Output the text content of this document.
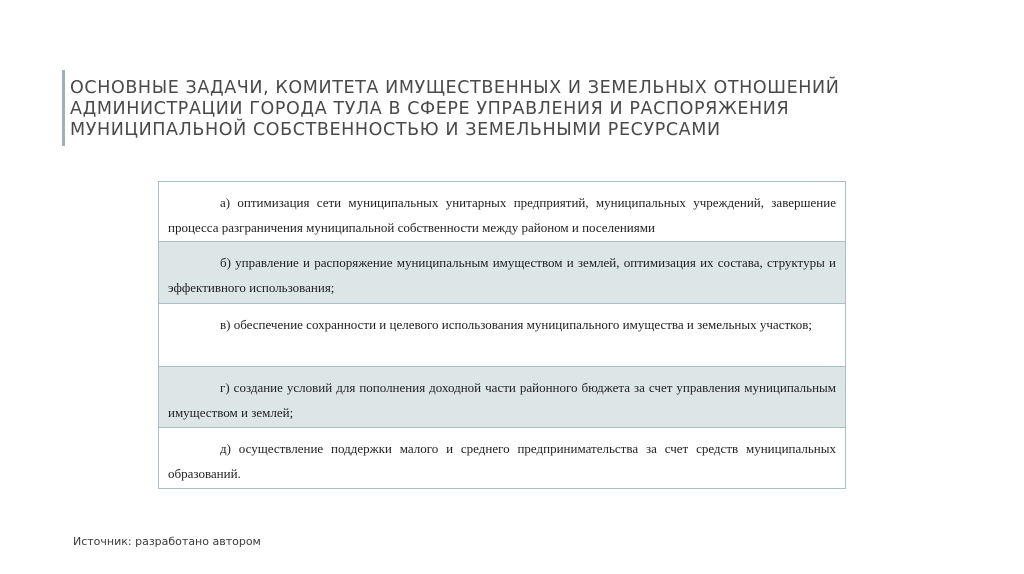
ОСНОВНЫЕ ЗАДАЧИ, КОМИТЕТА ИМУЩЕСТВЕННЫХ И ЗЕМЕЛЬНЫХ ОТНОШЕНИЙ
АДМИНИСТРАЦИИ ГОРОДА ТУЛА В СФЕРЕ УПРАВЛЕНИЯ И РАСПОРЯЖЕНИЯ
МУНИЦИПАЛЬНОЙ СОБСТВЕННОСТЬЮ И ЗЕМЕЛЬНЫМИ РЕСУРСАМИ
а) оптимизация сети муниципальных унитарных предприятий, муниципальных учреждений, завершение процесса разграничения муниципальной собственности между районом и поселениями
б) управление и распоряжение муниципальным имуществом и землей, оптимизация их состава, структуры и эффективного использования;
в) обеспечение сохранности и целевого использования муниципального имущества и земельных участков;
г) создание условий для пополнения доходной части районного бюджета за счет управления муниципальным имуществом и землей;
д) осуществление поддержки малого и среднего предпринимательства за счет средств муниципальных образований.
Источник: разработано автором
